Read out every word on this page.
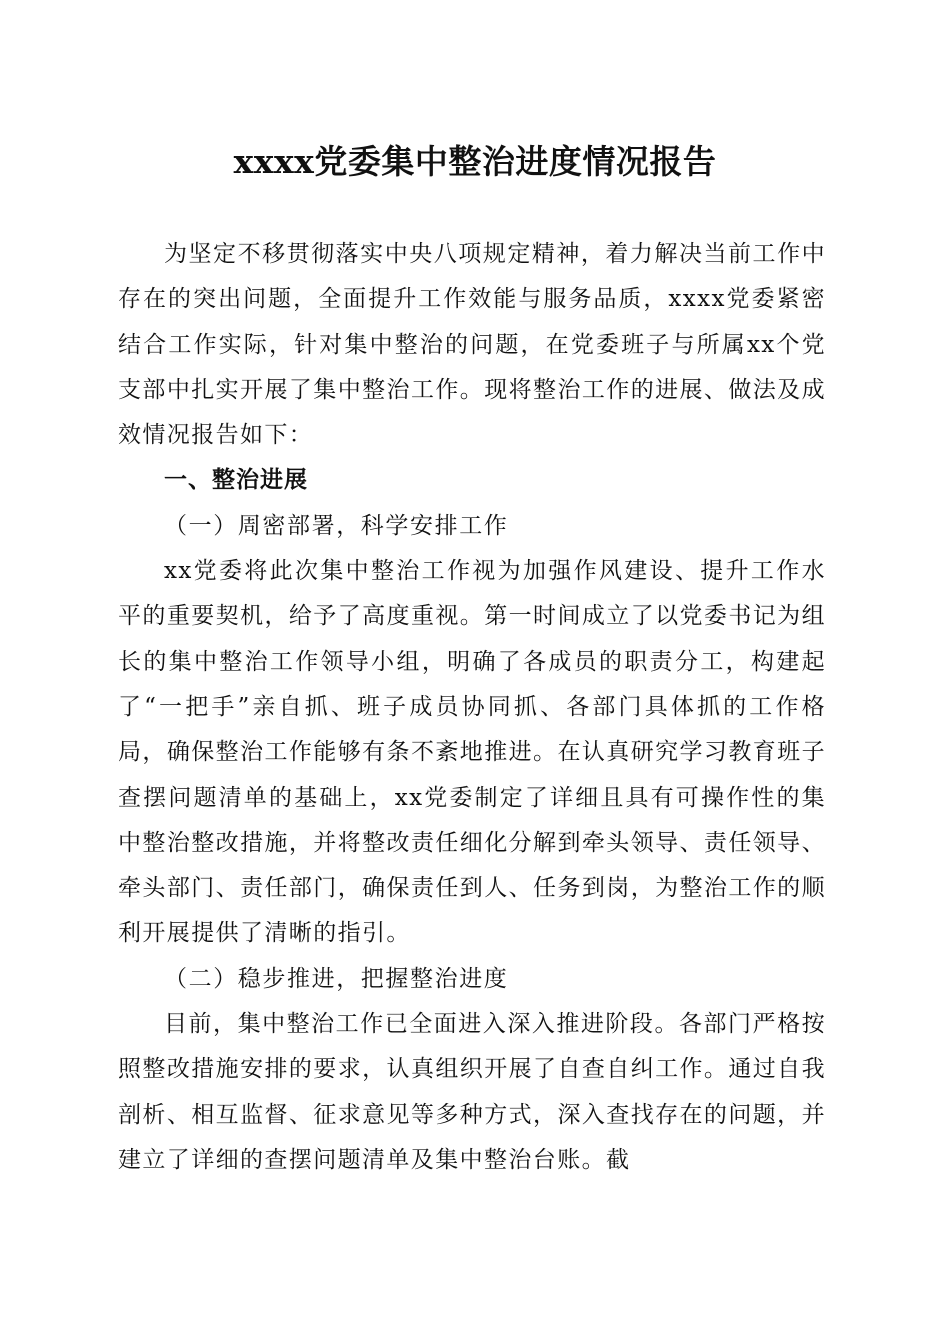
xxxx党委集中整治进度情况报告

为坚定不移贯彻落实中央八项规定精神，着力解决当前工作中存在的突出问题，全面提升工作效能与服务品质，xxxx党委紧密结合工作实际，针对集中整治的问题，在党委班子与所属xx个党支部中扎实开展了集中整治工作。现将整治工作的进展、做法及成效情况报告如下：

一、整治进展

（一）周密部署，科学安排工作

xx党委将此次集中整治工作视为加强作风建设、提升工作水平的重要契机，给予了高度重视。第一时间成立了以党委书记为组长的集中整治工作领导小组，明确了各成员的职责分工，构建起了“一把手”亲自抓、班子成员协同抓、各部门具体抓的工作格局，确保整治工作能够有条不紊地推进。在认真研究学习教育班子查摆问题清单的基础上，xx党委制定了详细且具有可操作性的集中整治整改措施，并将整改责任细化分解到牵头领导、责任领导、牵头部门、责任部门，确保责任到人、任务到岗，为整治工作的顺利开展提供了清晰的指引。

（二）稳步推进，把握整治进度

目前，集中整治工作已全面进入深入推进阶段。各部门严格按照整改措施安排的要求，认真组织开展了自查自纠工作。通过自我剖析、相互监督、征求意见等多种方式，深入查找存在的问题，并建立了详细的查摆问题清单及集中整治台账。截
